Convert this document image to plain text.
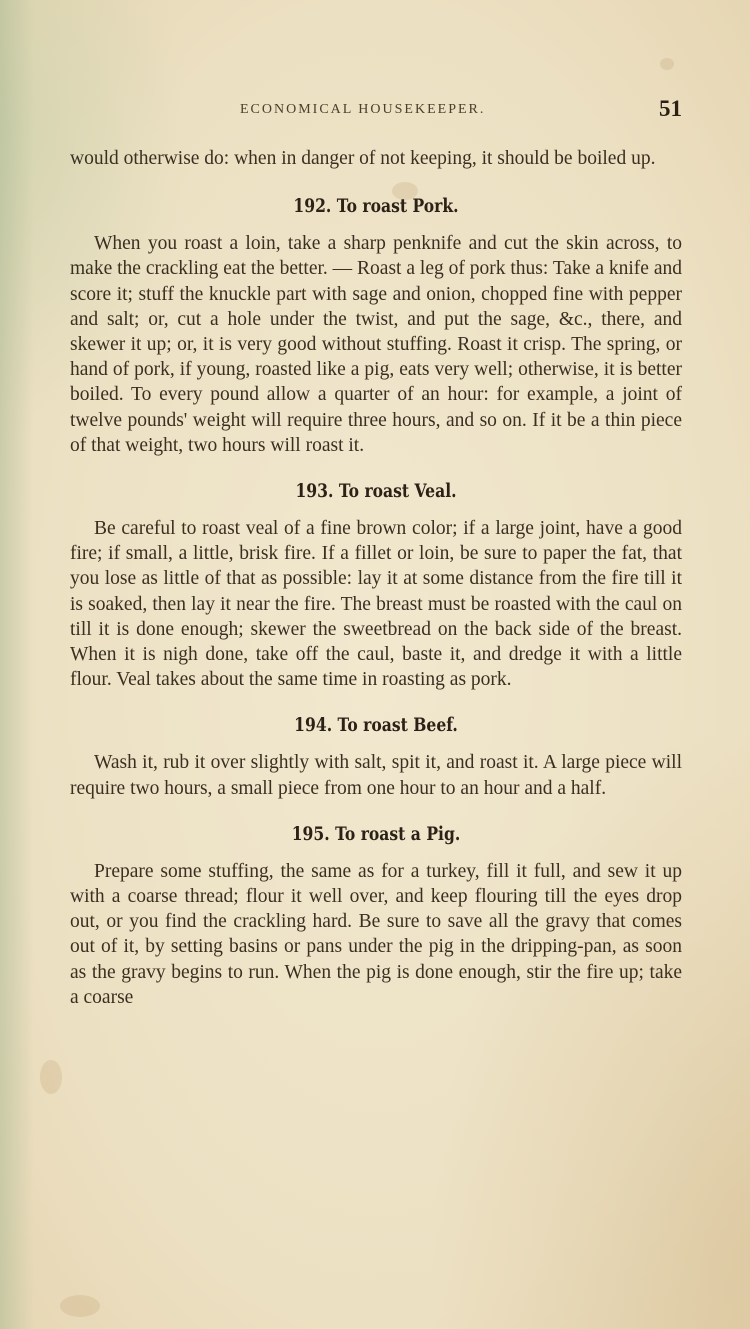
ECONOMICAL HOUSEKEEPER.	51

would otherwise do: when in danger of not keeping, it should be boiled up.

192. To roast Pork.

When you roast a loin, take a sharp penknife and cut the skin across, to make the crackling eat the better. — Roast a leg of pork thus: Take a knife and score it; stuff the knuckle part with sage and onion, chopped fine with pepper and salt; or, cut a hole under the twist, and put the sage, &c., there, and skewer it up; or, it is very good without stuffing. Roast it crisp. The spring, or hand of pork, if young, roasted like a pig, eats very well; otherwise, it is better boiled. To every pound allow a quarter of an hour: for example, a joint of twelve pounds' weight will require three hours, and so on. If it be a thin piece of that weight, two hours will roast it.

193. To roast Veal.

Be careful to roast veal of a fine brown color; if a large joint, have a good fire; if small, a little, brisk fire. If a fillet or loin, be sure to paper the fat, that you lose as little of that as possible: lay it at some distance from the fire till it is soaked, then lay it near the fire. The breast must be roasted with the caul on till it is done enough; skewer the sweetbread on the back side of the breast. When it is nigh done, take off the caul, baste it, and dredge it with a little flour. Veal takes about the same time in roasting as pork.

194. To roast Beef.

Wash it, rub it over slightly with salt, spit it, and roast it. A large piece will require two hours, a small piece from one hour to an hour and a half.

195. To roast a Pig.

Prepare some stuffing, the same as for a turkey, fill it full, and sew it up with a coarse thread; flour it well over, and keep flouring till the eyes drop out, or you find the crackling hard. Be sure to save all the gravy that comes out of it, by setting basins or pans under the pig in the dripping-pan, as soon as the gravy begins to run. When the pig is done enough, stir the fire up; take a coarse
